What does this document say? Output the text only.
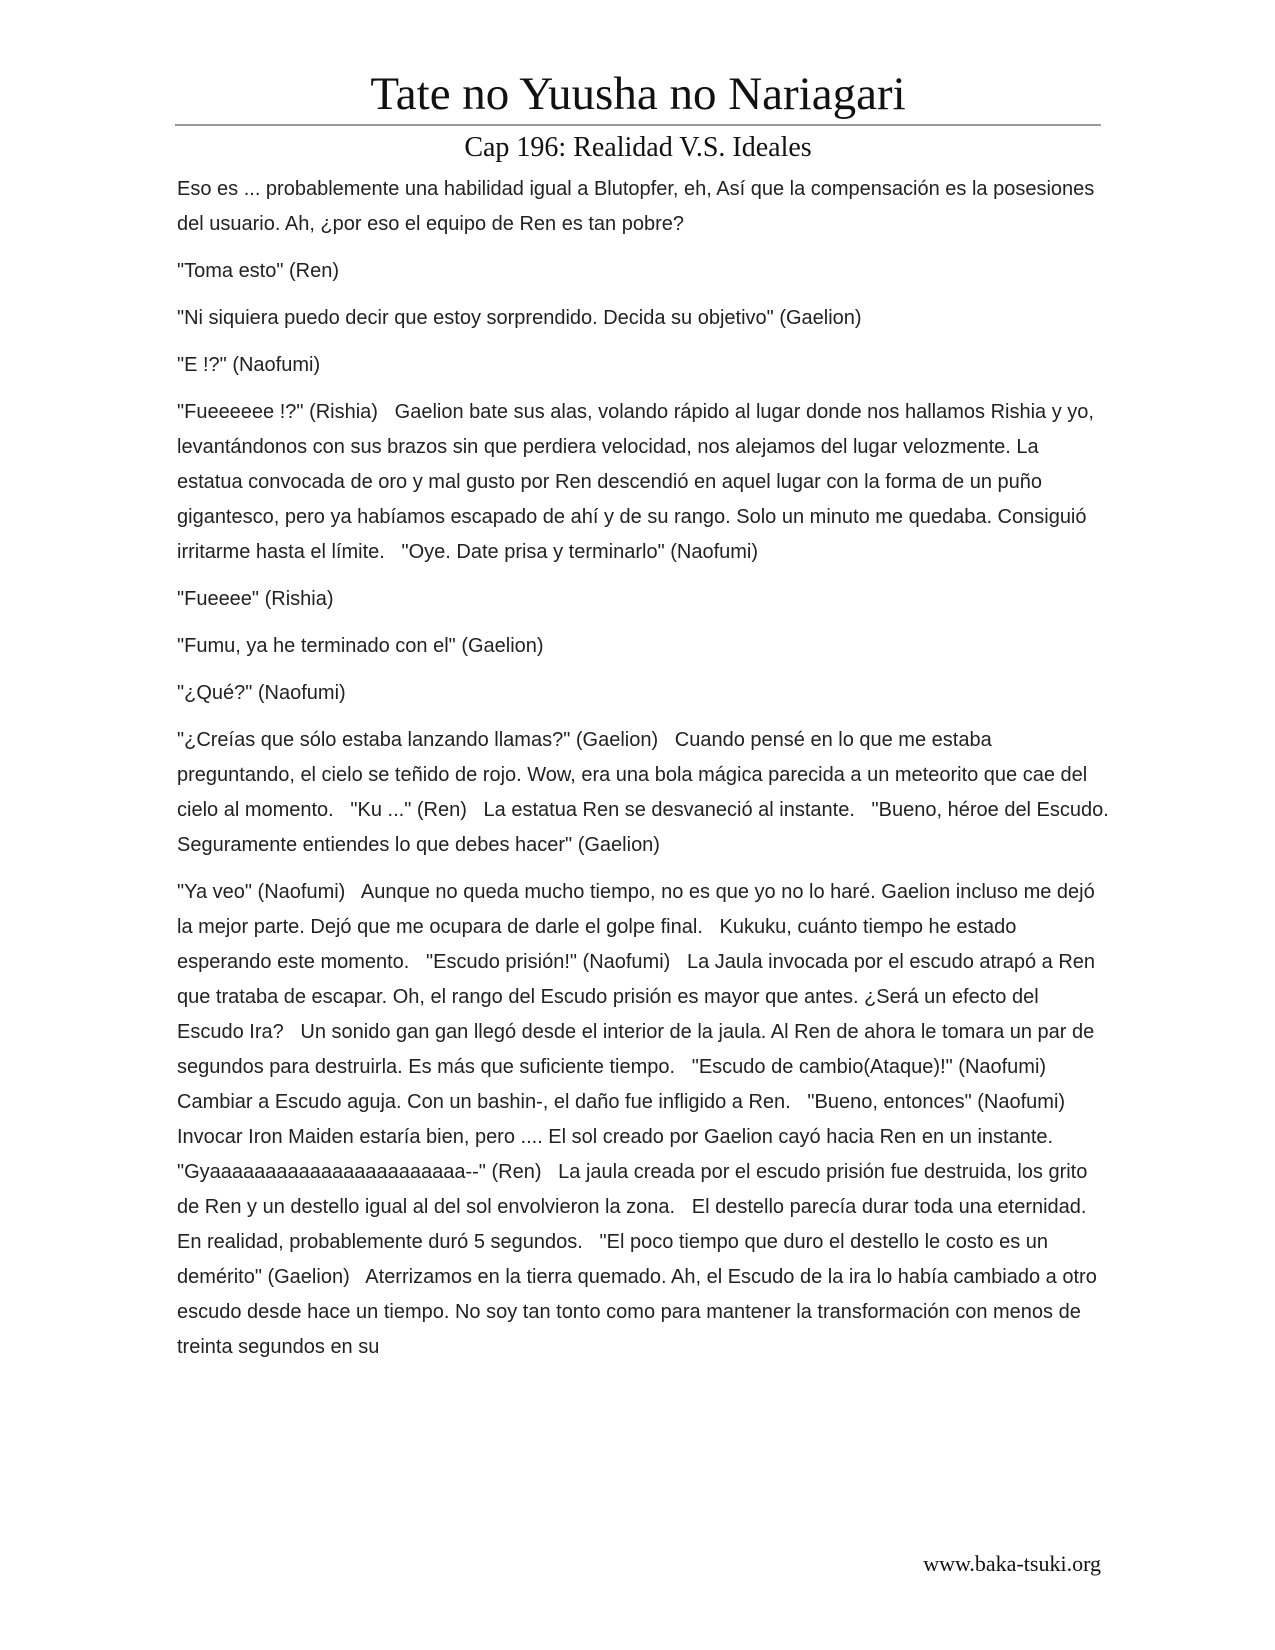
Tate no Yuusha no Nariagari
Cap 196: Realidad V.S. Ideales

Eso es ... probablemente una habilidad igual a Blutopfer, eh, Así que la compensación es la posesiones del usuario. Ah, ¿por eso el equipo de Ren es tan pobre?

"Toma esto" (Ren)

"Ni siquiera puedo decir que estoy sorprendido. Decida su objetivo" (Gaelion)

"E !?" (Naofumi)

"Fueeeeee !?" (Rishia)   Gaelion bate sus alas, volando rápido al lugar donde nos hallamos Rishia y yo, levantándonos con sus brazos sin que perdiera velocidad, nos alejamos del lugar velozmente. La estatua convocada de oro y mal gusto por Ren descendió en aquel lugar con la forma de un puño gigantesco, pero ya habíamos escapado de ahí y de su rango. Solo un minuto me quedaba. Consiguió irritarme hasta el límite.   "Oye. Date prisa y terminarlo" (Naofumi)

"Fueeee" (Rishia)

"Fumu, ya he terminado con el" (Gaelion)

"¿Qué?" (Naofumi)

"¿Creías que sólo estaba lanzando llamas?" (Gaelion)   Cuando pensé en lo que me estaba preguntando, el cielo se teñido de rojo. Wow, era una bola mágica parecida a un meteorito que cae del cielo al momento.   "Ku ..." (Ren)   La estatua Ren se desvaneció al instante.   "Bueno, héroe del Escudo. Seguramente entiendes lo que debes hacer" (Gaelion)

"Ya veo" (Naofumi)   Aunque no queda mucho tiempo, no es que yo no lo haré. Gaelion incluso me dejó la mejor parte. Dejó que me ocupara de darle el golpe final.   Kukuku, cuánto tiempo he estado esperando este momento.   "Escudo prisión!" (Naofumi)   La Jaula invocada por el escudo atrapó a Ren que trataba de escapar. Oh, el rango del Escudo prisión es mayor que antes. ¿Será un efecto del Escudo Ira?   Un sonido gan gan llegó desde el interior de la jaula. Al Ren de ahora le tomara un par de segundos para destruirla. Es más que suficiente tiempo.   "Escudo de cambio(Ataque)!" (Naofumi)   Cambiar a Escudo aguja. Con un bashin-, el daño fue infligido a Ren.   "Bueno, entonces" (Naofumi)   Invocar Iron Maiden estaría bien, pero .... El sol creado por Gaelion cayó hacia Ren en un instante.   "Gyaaaaaaaaaaaaaaaaaaaaaaa--" (Ren)   La jaula creada por el escudo prisión fue destruida, los grito de Ren y un destello igual al del sol envolvieron la zona.   El destello parecía durar toda una eternidad. En realidad, probablemente duró 5 segundos.   "El poco tiempo que duro el destello le costo es un demérito" (Gaelion)   Aterrizamos en la tierra quemado. Ah, el Escudo de la ira lo había cambiado a otro escudo desde hace un tiempo. No soy tan tonto como para mantener la transformación con menos de treinta segundos en su

www.baka-tsuki.org
